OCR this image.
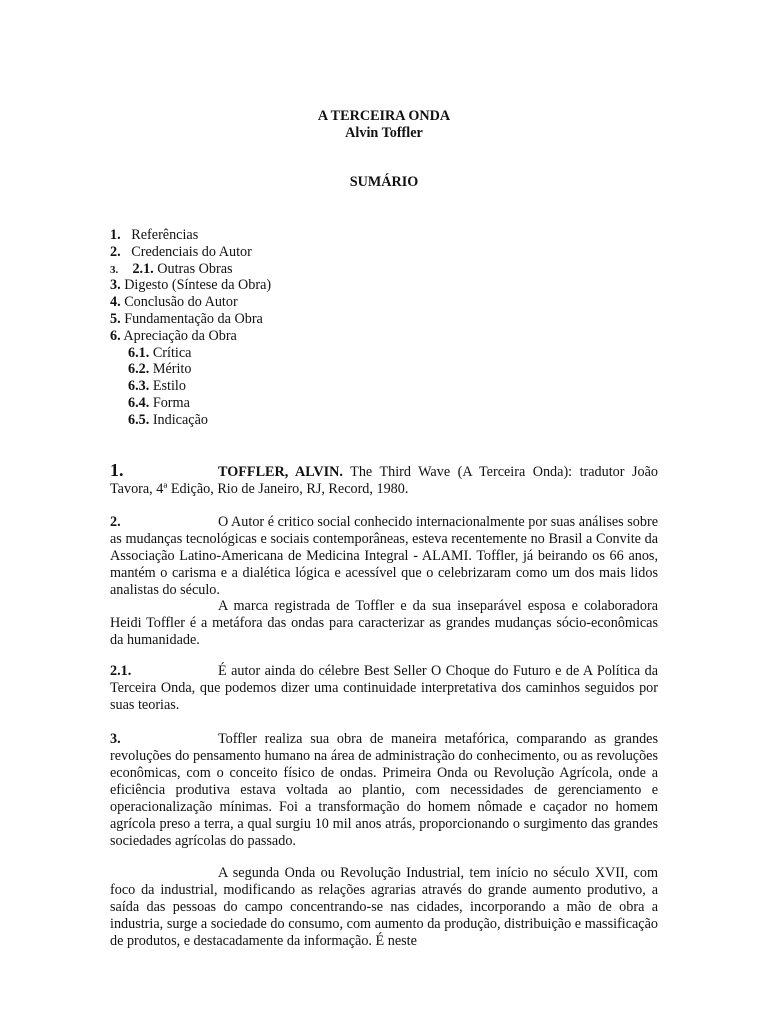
A TERCEIRA ONDA
Alvin Toffler
SUMÁRIO
1. Referências
2. Credenciais do Autor
3. 2.1. Outras Obras
3. Digesto (Síntese da Obra)
4. Conclusão do Autor
5. Fundamentação da Obra
6. Apreciação da Obra
6.1. Crítica
6.2. Mérito
6.3. Estilo
6.4. Forma
6.5. Indicação

1.	TOFFLER, ALVIN. The Third Wave (A Terceira Onda): tradutor João Tavora, 4ª Edição, Rio de Janeiro, RJ, Record, 1980.

2.	O Autor é critico social conhecido internacionalmente por suas análises sobre as mudanças tecnológicas e sociais contemporâneas, esteva recentemente no Brasil a Convite da Associação Latino-Americana de Medicina Integral - ALAMI. Toffler, já beirando os 66 anos, mantém o carisma e a dialética lógica e acessível que o celebrizaram como um dos mais lidos analistas do século.

A marca registrada de Toffler e da sua inseparável esposa e colaboradora Heidi Toffler é a metáfora das ondas para caracterizar as grandes mudanças sócio-econômicas da humanidade.

2.1.	É autor ainda do célebre Best Seller O Choque do Futuro e de A Política da Terceira Onda, que podemos dizer uma continuidade interpretativa dos caminhos seguidos por suas teorias.

3.	Toffler realiza sua obra de maneira metafórica, comparando as grandes revoluções do pensamento humano na área de administração do conhecimento, ou as revoluções econômicas, com o conceito físico de ondas. Primeira Onda ou Revolução Agrícola, onde a eficiência produtiva estava voltada ao plantio, com necessidades de gerenciamento e operacionalização mínimas. Foi a transformação do homem nômade e caçador no homem agrícola preso a terra, a qual surgiu 10 mil anos atrás, proporcionando o surgimento das grandes sociedades agrícolas do passado.

A segunda Onda ou Revolução Industrial, tem início no século XVII, com foco da industrial, modificando as relações agrarias através do grande aumento produtivo, a saída das pessoas do campo concentrando-se nas cidades, incorporando a mão de obra a industria, surge a sociedade do consumo, com aumento da produção, distribuição e massificação de produtos, e destacadamente da informação. É neste
